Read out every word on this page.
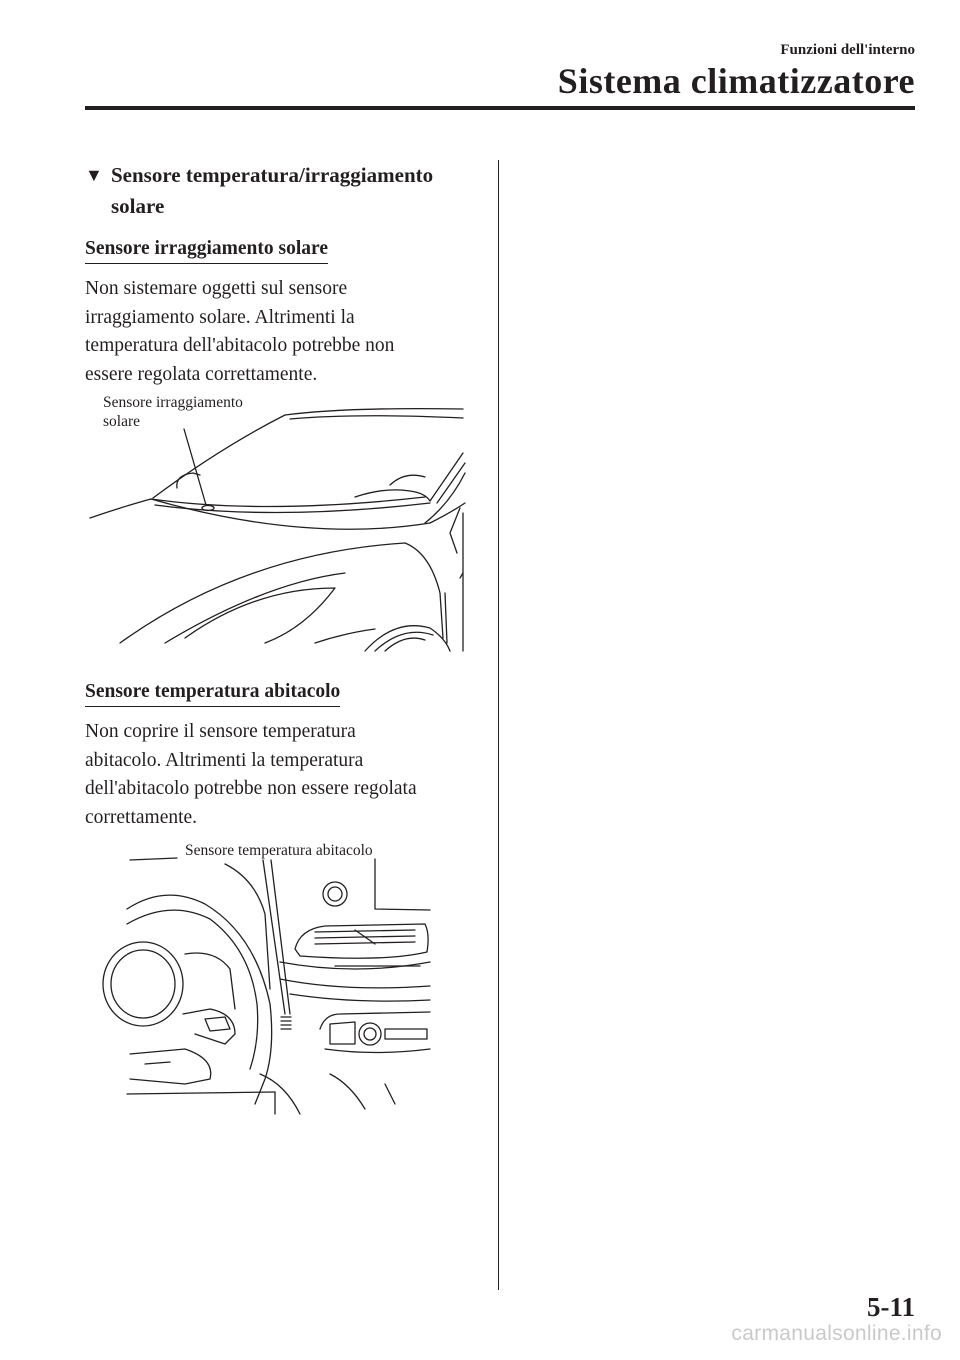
Funzioni dell'interno
Sistema climatizzatore
▼ Sensore temperatura/irraggiamento
solare
Sensore irraggiamento solare

Non sistemare oggetti sul sensore
irraggiamento solare. Altrimenti la
temperatura dell'abitacolo potrebbe non
essere regolata correttamente.

Sensore irraggiamento
solare
Sensore temperatura abitacolo

Non coprire il sensore temperatura
abitacolo. Altrimenti la temperatura
dell'abitacolo potrebbe non essere regolata
correttamente.

Sensore temperatura abitacolo
5-11
carmanualsonline.info
